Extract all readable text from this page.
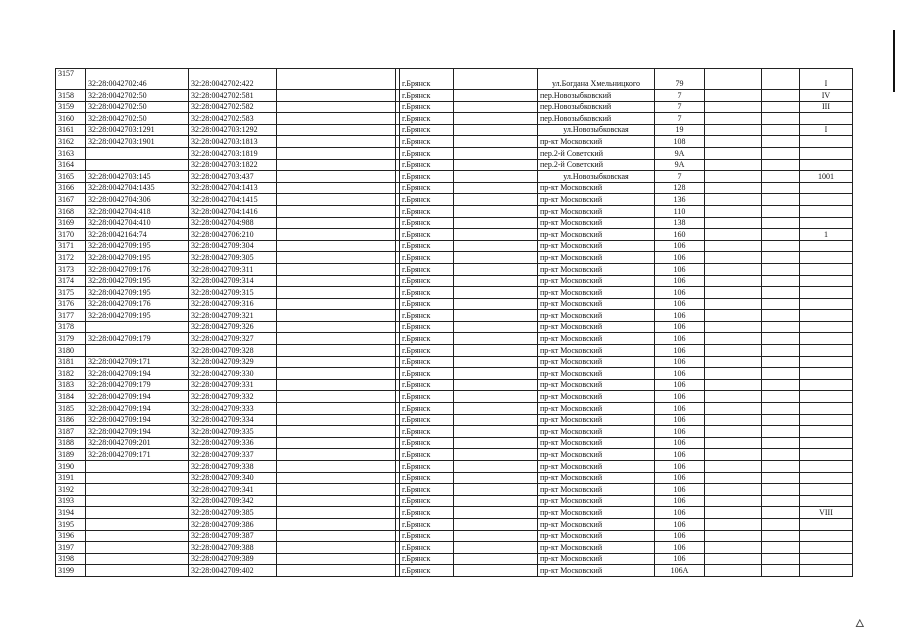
3157	32:28:0042702:46	32:28:0042702:422			г.Брянск		ул.Богдана Хмельницкого	79			I
3158	32:28:0042702:50	32:28:0042702:581			г.Брянск		пер.Новозыбковский	7			IV
3159	32:28:0042702:50	32:28:0042702:582			г.Брянск		пер.Новозыбковский	7			III
3160	32:28:0042702:50	32:28:0042702:583			г.Брянск		пер.Новозыбковский	7			
3161	32:28:0042703:1291	32:28:0042703:1292			г.Брянск		ул.Новозыбковская	19			I
3162	32:28:0042703:1901	32:28:0042703:1813			г.Брянск		пр-кт Московский	108			
3163		32:28:0042703:1819			г.Брянск		пер.2-й Советский	9А			
3164		32:28:0042703:1822			г.Брянск		пер.2-й Советский	9А			
3165	32:28:0042703:145	32:28:0042703:437			г.Брянск		ул.Новозыбковская	7			1001
3166	32:28:0042704:1435	32:28:0042704:1413			г.Брянск		пр-кт Московский	128			
3167	32:28:0042704:306	32:28:0042704:1415			г.Брянск		пр-кт Московский	136			
3168	32:28:0042704:418	32:28:0042704:1416			г.Брянск		пр-кт Московский	110			
3169	32:28:0042704:410	32:28:0042704:988			г.Брянск		пр-кт Московский	138			
3170	32:28:0042164:74	32:28:0042706:210			г.Брянск		пр-кт Московский	160			1
3171	32:28:0042709:195	32:28:0042709:304			г.Брянск		пр-кт Московский	106			
3172	32:28:0042709:195	32:28:0042709:305			г.Брянск		пр-кт Московский	106			
3173	32:28:0042709:176	32:28:0042709:311			г.Брянск		пр-кт Московский	106			
3174	32:28:0042709:195	32:28:0042709:314			г.Брянск		пр-кт Московский	106			
3175	32:28:0042709:195	32:28:0042709:315			г.Брянск		пр-кт Московский	106			
3176	32:28:0042709:176	32:28:0042709:316			г.Брянск		пр-кт Московский	106			
3177	32:28:0042709:195	32:28:0042709:321			г.Брянск		пр-кт Московский	106			
3178		32:28:0042709:326			г.Брянск		пр-кт Московский	106			
3179	32:28:0042709:179	32:28:0042709:327			г.Брянск		пр-кт Московский	106			
3180		32:28:0042709:328			г.Брянск		пр-кт Московский	106			
3181	32:28:0042709:171	32:28:0042709:329			г.Брянск		пр-кт Московский	106			
3182	32:28:0042709:194	32:28:0042709:330			г.Брянск		пр-кт Московский	106			
3183	32:28:0042709:179	32:28:0042709:331			г.Брянск		пр-кт Московский	106			
3184	32:28:0042709:194	32:28:0042709:332			г.Брянск		пр-кт Московский	106			
3185	32:28:0042709:194	32:28:0042709:333			г.Брянск		пр-кт Московский	106			
3186	32:28:0042709:194	32:28:0042709:334			г.Брянск		пр-кт Московский	106			
3187	32:28:0042709:194	32:28:0042709:335			г.Брянск		пр-кт Московский	106			
3188	32:28:0042709:201	32:28:0042709:336			г.Брянск		пр-кт Московский	106			
3189	32:28:0042709:171	32:28:0042709:337			г.Брянск		пр-кт Московский	106			
3190		32:28:0042709:338			г.Брянск		пр-кт Московский	106			
3191		32:28:0042709:340			г.Брянск		пр-кт Московский	106			
3192		32:28:0042709:341			г.Брянск		пр-кт Московский	106			
3193		32:28:0042709:342			г.Брянск		пр-кт Московский	106			
3194		32:28:0042709:385			г.Брянск		пр-кт Московский	106			VIII
3195		32:28:0042709:386			г.Брянск		пр-кт Московский	106			
3196		32:28:0042709:387			г.Брянск		пр-кт Московский	106			
3197		32:28:0042709:388			г.Брянск		пр-кт Московский	106			
3198		32:28:0042709:389			г.Брянск		пр-кт Московский	106			
3199		32:28:0042709:402			г.Брянск		пр-кт Московский	106А			
🜂
